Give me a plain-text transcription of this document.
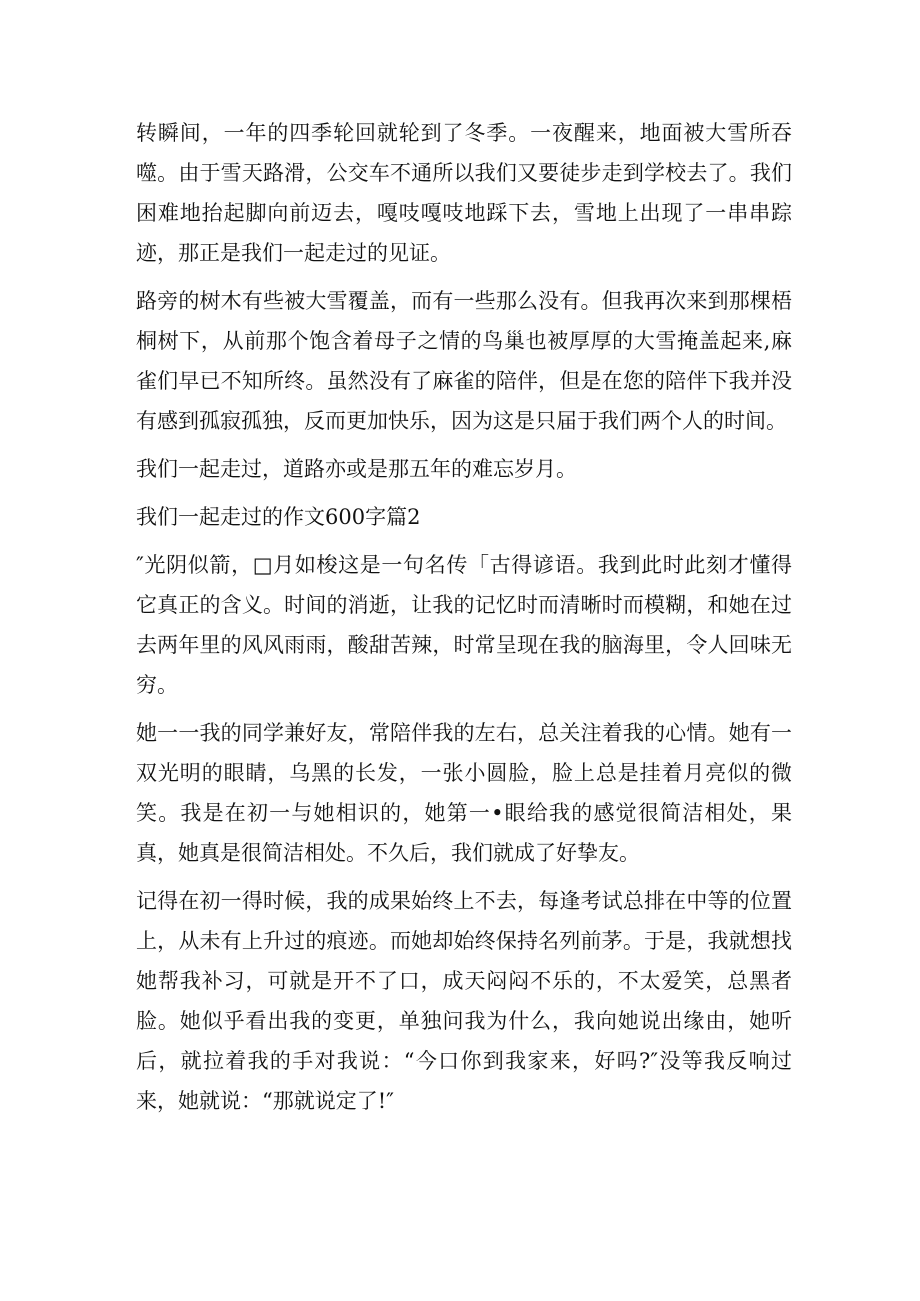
转瞬间，一年的四季轮回就轮到了冬季。一夜醒来，地面被大雪所吞噬。由于雪天路滑，公交车不通所以我们又要徒步走到学校去了。我们困难地抬起脚向前迈去，嘎吱嘎吱地踩下去，雪地上出现了一串串踪迹，那正是我们一起走过的见证。

路旁的树木有些被大雪覆盖，而有一些那么没有。但我再次来到那棵梧桐树下，从前那个饱含着母子之情的鸟巢也被厚厚的大雪掩盖起来,麻雀们早已不知所终。虽然没有了麻雀的陪伴，但是在您的陪伴下我并没有感到孤寂孤独，反而更加快乐，因为这是只届于我们两个人的时间。

我们一起走过，道路亦或是那五年的难忘岁月。

我们一起走过的作文600字篇2

″光阴似箭，□月如梭这是一句名传「古得谚语。我到此时此刻才懂得它真正的含义。时间的消逝，让我的记忆时而清晰时而模糊，和她在过去两年里的风风雨雨，酸甜苦辣，时常呈现在我的脑海里，令人回味无穷。

她一一我的同学兼好友，常陪伴我的左右，总关注着我的心情。她有一双光明的眼睛，乌黑的长发，一张小圆脸，脸上总是挂着月亮似的微笑。我是在初一与她相识的，她第一•眼给我的感觉很简洁相处，果真，她真是很简洁相处。不久后，我们就成了好挚友。

记得在初一得时候，我的成果始终上不去，每逢考试总排在中等的位置上，从未有上升过的痕迹。而她却始终保持名列前茅。于是，我就想找她帮我补习，可就是开不了口，成天闷闷不乐的，不太爱笑，总黑者脸。她似乎看出我的变更，单独问我为什么，我向她说出缘由，她听后，就拉着我的手对我说：“今口你到我家来，好吗?″没等我反响过来，她就说：“那就说定了!″
